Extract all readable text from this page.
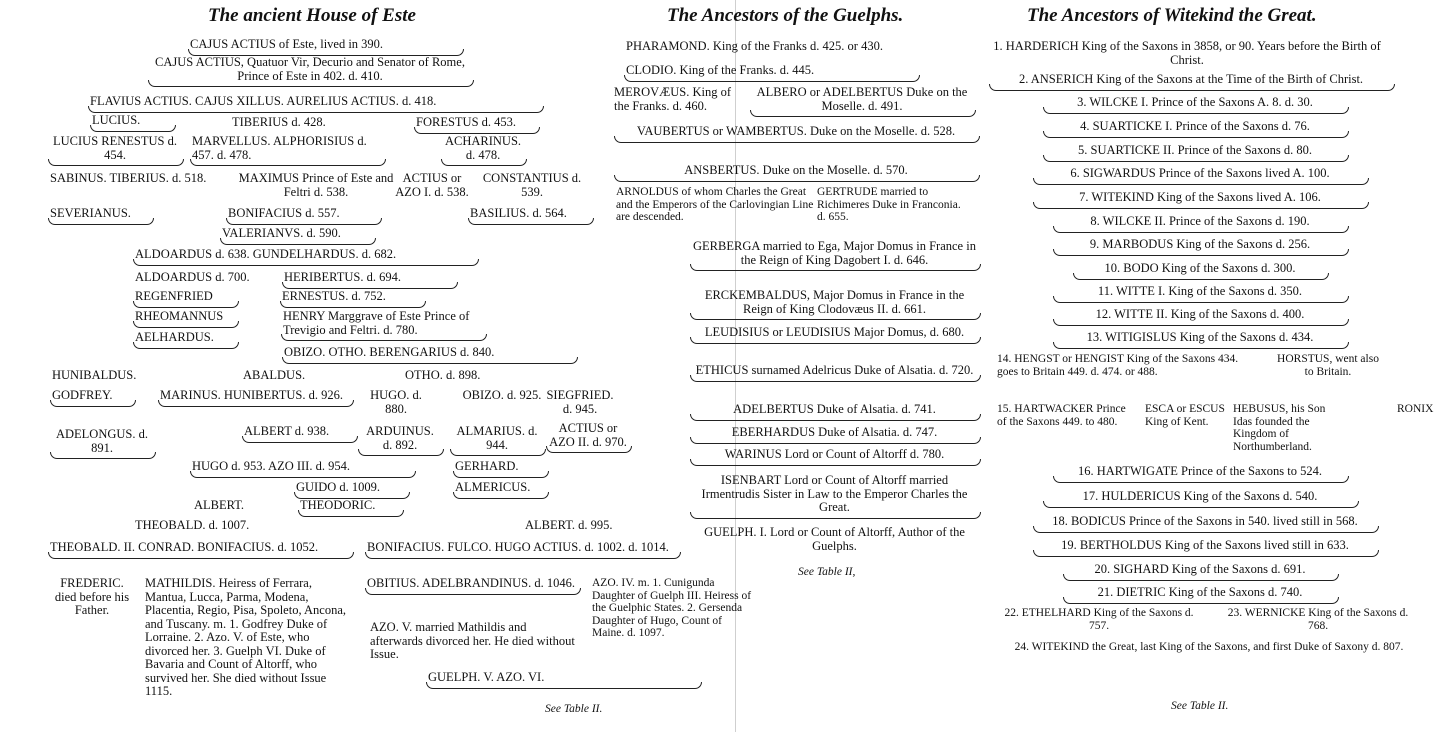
The ancient House of Este
CAJUS ACTIUS of Este, lived in 390.
CAJUS ACTIUS, Quatuor Vir, Decurio and Senator of Rome, Prince of Este in 402. d. 410.
FLAVIUS ACTIUS. CAJUS XILLUS. AURELIUS ACTIUS. d. 418.
LUCIUS.	TIBERIUS d. 428.	FORESTUS d. 453.
LUCIUS RENESTUS d. 454.
MARVELLUS. ALPHORISIUS d. 457. d. 478.
ACHARINUS. d. 478.
SABINUS. TIBERIUS. d. 518.	MAXIMUS Prince of Este and Feltri d. 538.
ACTIUS or AZO I. d. 538.
CONSTANTIUS d. 539.
SEVERIANUS.	BONIFACIUS d. 557.	BASILIUS. d. 564.
VALERIANVS. d. 590.
ALDOARDUS d. 638. GUNDELHARDUS. d. 682.
ALDOARDUS d. 700.	HERIBERTUS. d. 694.
REGENFRIED	ERNESTUS. d. 752.
RHEOMANNUS	HENRY Marggrave of Este Prince of Trevigio and Feltri. d. 780.
AELHARDUS.
OBIZO. OTHO. BERENGARIUS d. 840.
HUNIBALDUS.	ABALDUS.	OTHO. d. 898.
GODFREY.	MARINUS. HUNIBERTUS. d. 926.	HUGO. d. 880.
OBIZO. d. 925. SIEGFRIED. d. 945.
ALBERT d. 938.	ARDUINUS. d. 892.
ALMARIUS. d. 944.
ACTIUS or AZO II. d. 970.
ADELONGUS. d. 891.
HUGO d. 953. AZO III. d. 954.	GERHARD.
GUIDO d. 1009.	ALMERICUS.
ALBERT.	THEODORIC.
THEOBALD. d. 1007.	ALBERT. d. 995.
THEOBALD. II. CONRAD. BONIFACIUS. d. 1052.	BONIFACIUS. FULCO. HUGO ACTIUS. d. 1002. d. 1014.
FREDERIC. died before his Father.
MATHILDIS. Heiress of Ferrara, Mantua, Lucca, Parma, Modena, Placentia, Regio, Pisa, Spoleto, Ancona, and Tuscany. m. 1. Godfrey Duke of Lorraine. 2. Azo. V. of Este, who divorced her. 3. Guelph VI. Duke of Bavaria and Count of Altorff, who survived her. She died without Issue 1115.
OBITIUS. ADELBRANDINUS. d. 1046. AZO. IV. m. 1. Cunigunda Daughter of Guelph III. Heiress of the Guelphic States. 2. Gersenda Daughter of Hugo, Count of Maine. d. 1097.
AZO. V. married Mathildis and afterwards divorced her. He died without Issue.
GUELPH. V. AZO. VI.
See Table II.
The Ancestors of the Guelphs.
PHARAMOND. King of the Franks d. 425. or 430.
CLODIO. King of the Franks. d. 445.
MEROVÆUS. King of the Franks. d. 460.
ALBERO or ADELBERTUS Duke on the Moselle. d. 491.
VAUBERTUS or WAMBERTUS. Duke on the Moselle. d. 528.
ANSBERTUS. Duke on the Moselle. d. 570.
ARNOLDUS of whom Charles the Great and the Emperors of the Carlovingian Line are descended.
GERTRUDE married to Richimeres Duke in Franconia. d. 655.
GERBERGA married to Ega, Major Domus in France in the Reign of King Dagobert I. d. 646.
ERCKEMBALDUS, Major Domus in France in the Reign of King Clodovæus II. d. 661.
LEUDISIUS or LEUDISIUS Major Domus, d. 680.
ETHICUS surnamed Adelricus Duke of Alsatia. d. 720.
ADELBERTUS Duke of Alsatia. d. 741.
EBERHARDUS Duke of Alsatia. d. 747.
WARINUS Lord or Count of Altorff d. 780.
ISENBART Lord or Count of Altorff married Irmentrudis Sister in Law to the Emperor Charles the Great.
GUELPH. I. Lord or Count of Altorff, Author of the Guelphs.
See Table II,
The Ancestors of Witekind the Great.
1. HARDERICH King of the Saxons in 3858, or 90. Years before the Birth of Christ.
2. ANSERICH King of the Saxons at the Time of the Birth of Christ.
3. WILCKE I. Prince of the Saxons A. 8. d. 30.
4. SUARTICKE I. Prince of the Saxons d. 76.
5. SUARTICKE II. Prince of the Saxons d. 80.
6. SIGWARDUS Prince of the Saxons lived A. 100.
7. WITEKIND King of the Saxons lived A. 106.
8. WILCKE II. Prince of the Saxons d. 190.
9. MARBODUS King of the Saxons d. 256.
10. BODO King of the Saxons d. 300.
11. WITTE I. King of the Saxons d. 350.
12. WITTE II. King of the Saxons d. 400.
13. WITIGISLUS King of the Saxons d. 434.
14. HENGST or HENGIST King of the Saxons 434. goes to Britain 449. d. 474. or 488.
HORSTUS, went also to Britain.
15. HARTWACKER Prince of the Saxons 449. to 480.
ESCA or ESCUS King of Kent.
HEBUSUS, his Son Idas founded the Kingdom of Northumberland.
RONIX
16. HARTWIGATE Prince of the Saxons to 524.
17. HULDERICUS King of the Saxons d. 540.
18. BODICUS Prince of the Saxons in 540. lived still in 568.
19. BERTHOLDUS King of the Saxons lived still in 633.
20. SIGHARD King of the Saxons d. 691.
21. DIETRIC King of the Saxons d. 740.
22. ETHELHARD King of the Saxons d. 757.
23. WERNICKE King of the Saxons d. 768.
24. WITEKIND the Great, last King of the Saxons, and first Duke of Saxony d. 807.
See Table II.
